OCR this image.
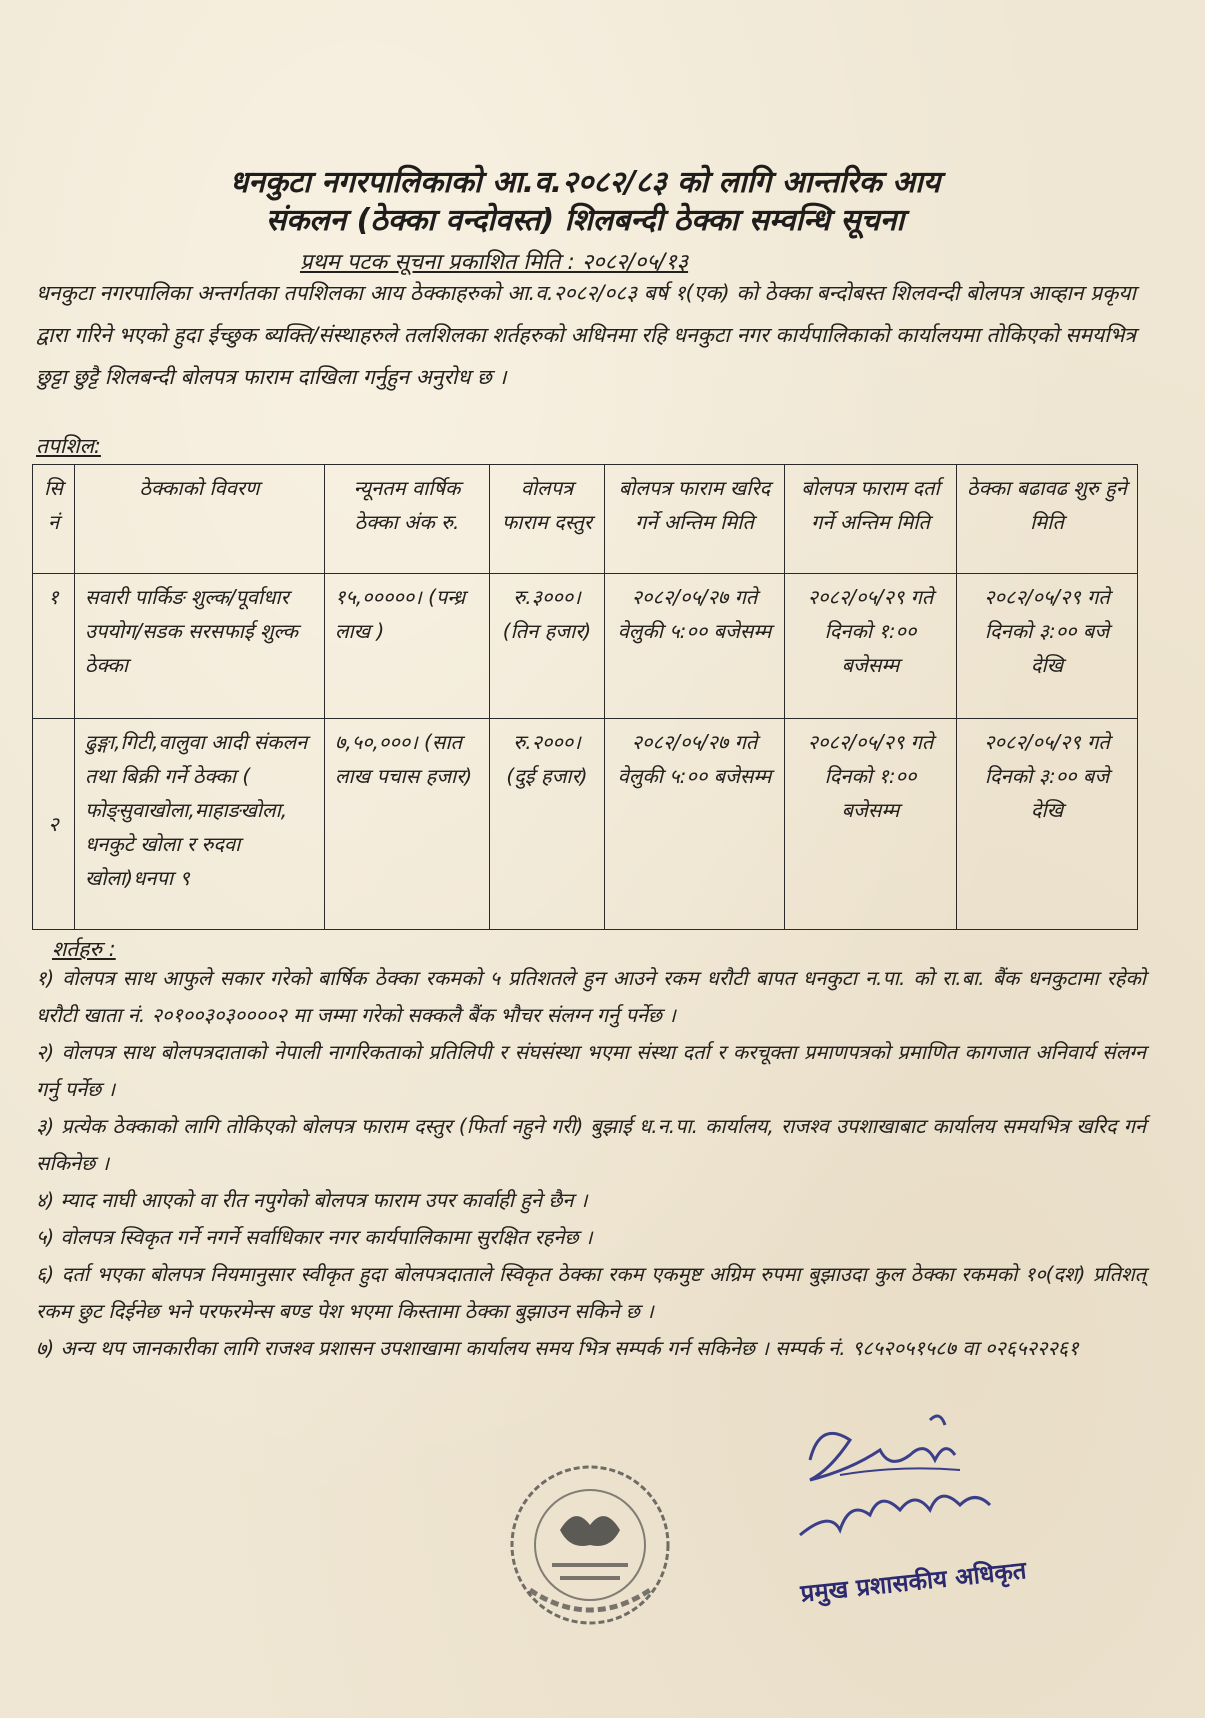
धनकुटा नगरपालिकाको आ.व.२०८२/८३ को लागि आन्तरिक आय
संकलन (ठेक्का वन्दोवस्त) शिलबन्दी ठेक्का सम्वन्धि सूचना
प्रथम पटक सूचना प्रकाशित मिति : २०८२/०५/१३
धनकुटा नगरपालिका अन्तर्गतका तपशिलका आय ठेक्काहरुको आ.व.२०८२/०८३ बर्ष १(एक) को ठेक्का बन्दोबस्त शिलवन्दी बोलपत्र आव्हान प्रकृया द्वारा गरिने भएको हुदा ईच्छुक ब्यक्ति/संस्थाहरुले तलशिलका शर्तहरुको अधिनमा रहि धनकुटा नगर कार्यपालिकाको कार्यालयमा तोकिएको समयभित्र छुट्टा छुट्टै शिलबन्दी बोलपत्र फाराम दाखिला गर्नुहुन अनुरोध छ ।
तपशिल:
सि नं	ठेक्काको विवरण	न्यूनतम वार्षिक ठेक्का अंक रु.	वोलपत्र फाराम दस्तुर	बोलपत्र फाराम खरिद गर्ने अन्तिम मिति	बोलपत्र फाराम दर्ता गर्ने अन्तिम मिति	ठेक्का बढावढ शुरु हुने मिति
१	सवारी पार्किङ शुल्क/पूर्वाधार उपयोग/सडक सरसफाई शुल्क ठेक्का	१५,०००००। (पन्ध्र लाख )	रु.३०००। (तिन हजार)	२०८२/०५/२७ गते वेलुकी ५:०० बजेसम्म	२०८२/०५/२९ गते दिनको १:०० बजेसम्म	२०८२/०५/२९ गते दिनको ३:०० बजे देखि
२	ढुङ्गा,गिटी,वालुवा आदी संकलन तथा बिक्री गर्ने ठेक्का ( फोङ्सुवाखोला,माहाङखोला, धनकुटे खोला र रुदवा खोला)धनपा ९	७,५०,०००। (सात लाख पचास हजार)	रु.२०००। (दुई हजार)	२०८२/०५/२७ गते वेलुकी ५:०० बजेसम्म	२०८२/०५/२९ गते दिनको १:०० बजेसम्म	२०८२/०५/२९ गते दिनको ३:०० बजे देखि
शर्तहरु :

१) वोलपत्र साथ आफुले सकार गरेको बार्षिक ठेक्का रकमको ५ प्रतिशतले हुन आउने रकम धरौटी बापत धनकुटा न.पा. को रा.बा. बैंक धनकुटामा रहेको धरौटी खाता नं. २०१००३०३००००२ मा जम्मा गरेको सक्कलै बैंक भौचर संलग्न गर्नु पर्नेछ ।

२) वोलपत्र साथ बोलपत्रदाताको नेपाली नागरिकताको प्रतिलिपी र संघसंस्था भएमा संस्था दर्ता र करचूक्ता प्रमाणपत्रको प्रमाणित कागजात अनिवार्य संलग्न गर्नु पर्नेछ ।

३) प्रत्येक ठेक्काको लागि तोकिएको बोलपत्र फाराम दस्तुर (फिर्ता नहुने गरी) बुझाई ध.न.पा. कार्यालय, राजश्व उपशाखाबाट कार्यालय समयभित्र खरिद गर्न सकिनेछ ।

४) म्याद नाघी आएको वा रीत नपुगेको बोलपत्र फाराम उपर कार्वाही हुने छैन ।

५) वोलपत्र स्विकृत गर्ने नगर्ने सर्वाधिकार नगर कार्यपालिकामा सुरक्षित रहनेछ ।

६) दर्ता भएका बोलपत्र नियमानुसार स्वीकृत हुदा बोलपत्रदाताले स्विकृत ठेक्का रकम एकमुष्ट अग्रिम रुपमा बुझाउदा कुल ठेक्का रकमको १०(दश) प्रतिशत् रकम छुट दिईनेछ भने परफरमेन्स बण्ड पेश भएमा किस्तामा ठेक्का बुझाउन सकिने छ ।

७) अन्य थप जानकारीका लागि राजश्व प्रशासन उपशाखामा कार्यालय समय भित्र सम्पर्क गर्न सकिनेछ । सम्पर्क नं. ९८५२०५१५८७ वा ०२६५२२२६१

प्रमुख प्रशासकीय अधिकृत
